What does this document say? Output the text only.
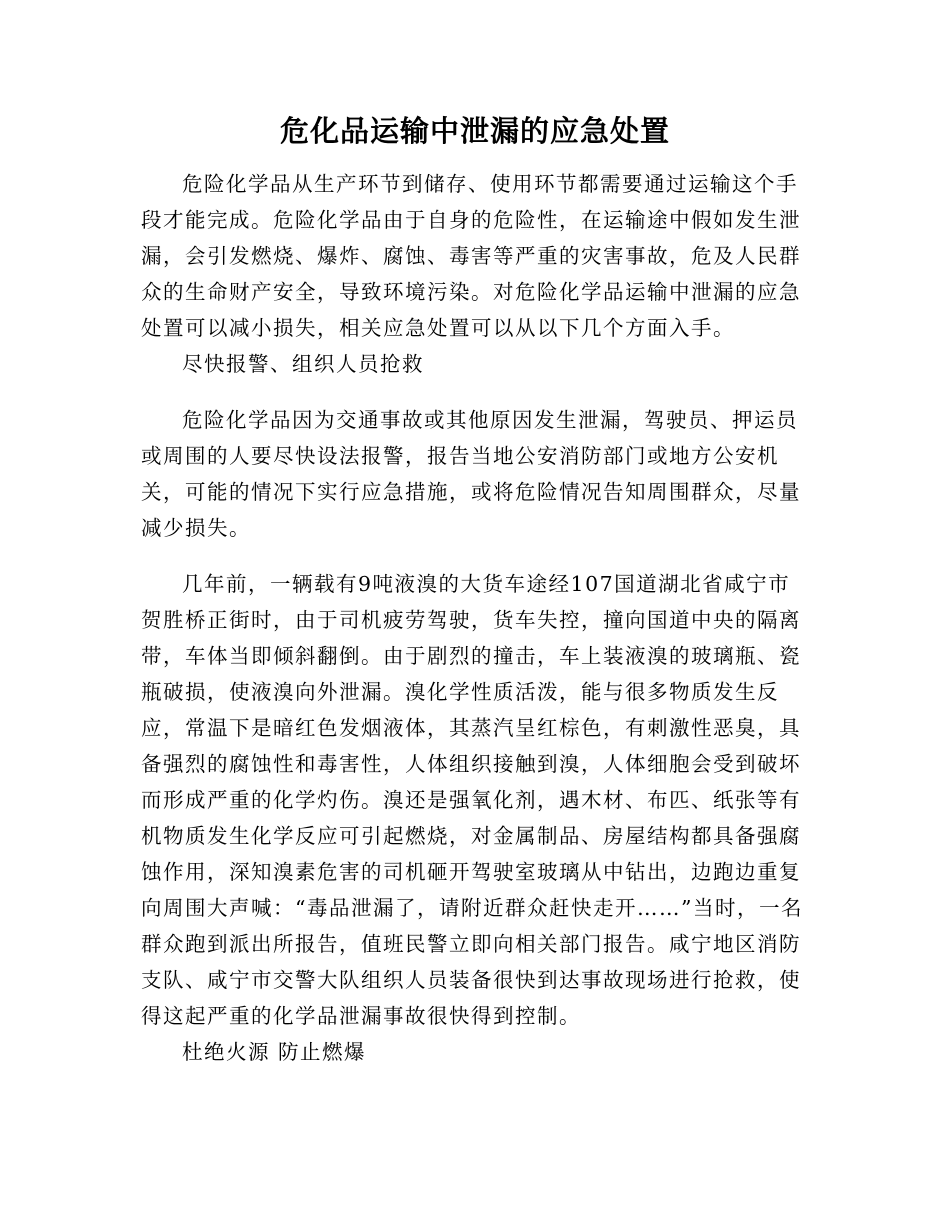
危化品运输中泄漏的应急处置

危险化学品从生产环节到储存、使用环节都需要通过运输这个手段才能完成。危险化学品由于自身的危险性，在运输途中假如发生泄漏，会引发燃烧、爆炸、腐蚀、毒害等严重的灾害事故，危及人民群众的生命财产安全，导致环境污染。对危险化学品运输中泄漏的应急处置可以减小损失，相关应急处置可以从以下几个方面入手。

尽快报警、组织人员抢救

危险化学品因为交通事故或其他原因发生泄漏，驾驶员、押运员或周围的人要尽快设法报警，报告当地公安消防部门或地方公安机关，可能的情况下实行应急措施，或将危险情况告知周围群众，尽量减少损失。

几年前，一辆载有9吨液溴的大货车途经107国道湖北省咸宁市贺胜桥正街时，由于司机疲劳驾驶，货车失控，撞向国道中央的隔离带，车体当即倾斜翻倒。由于剧烈的撞击，车上装液溴的玻璃瓶、瓷瓶破损，使液溴向外泄漏。溴化学性质活泼，能与很多物质发生反应，常温下是暗红色发烟液体，其蒸汽呈红棕色，有刺激性恶臭，具备强烈的腐蚀性和毒害性，人体组织接触到溴，人体细胞会受到破坏而形成严重的化学灼伤。溴还是强氧化剂，遇木材、布匹、纸张等有机物质发生化学反应可引起燃烧，对金属制品、房屋结构都具备强腐蚀作用，深知溴素危害的司机砸开驾驶室玻璃从中钻出，边跑边重复向周围大声喊：“毒品泄漏了，请附近群众赶快走开……”当时，一名群众跑到派出所报告，值班民警立即向相关部门报告。咸宁地区消防支队、咸宁市交警大队组织人员装备很快到达事故现场进行抢救，使得这起严重的化学品泄漏事故很快得到控制。

杜绝火源 防止燃爆
